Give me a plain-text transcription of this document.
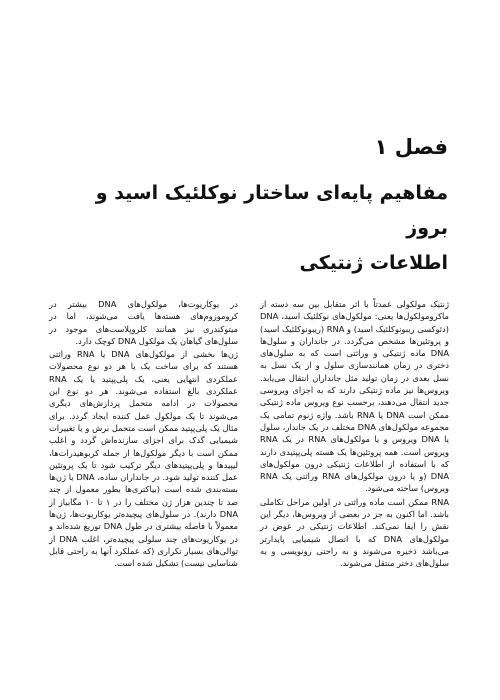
فصل ۱
مفاهیم پایه‌ای ساختار نوکلئیک اسید و بروز
اطلاعات ژنتیکی

ژنتیک مولکولی عمدتاً با اثر متقابل بین سه دسته از ماکرومولکول‌ها یعنی: مولکول‌های نوکلئیک اسید، DNA (دئوکسی ریبونوکلئیک اسید) و RNA (ریبونوکلئیک اسید) و پروتئین‌ها مشخص می‌گردد. در جانداران و سلول‌ها DNA ماده ژنتیکی و وراثتی است که به سلول‌های دختری در زمان همانندسازی سلول و از یک نسل به نسل بعدی در زمان تولید مثل جانداران انتقال می‌یابد. ویروس‌ها نیز ماده ژنتیکی دارند که به اجزای ویروسی جدید انتقال می‌دهند، برحسب نوع ویروس ماده ژنتیکی ممکن است DNA یا RNA باشد. واژه ژنوم تمامی یک مجموعه مولکول‌های DNA مختلف در یک جاندار، سلول یا DNA ویروس و یا مولکول‌های RNA در یک RNA ویروس است. همه پروتئین‌ها یک هسته پلی‌پپتیدی دارند که با استفاده از اطلاعات ژنتیکی درون مولکول‌های DNA (و یا درون مولکول‌های RNA وراثتی یک RNA ویروس) ساخته می‌شود.

RNA ممکن است ماده وراثتی در اولین مراحل تکاملی باشد. اما اکنون به جز در بعضی از ویروس‌ها، دیگر این نقش را ایفا نمی‌کند. اطلاعات ژنتیکی در عوض در مولکول‌های DNA که با اتصال شیمیایی پایدارتر می‌باشد ذخیره می‌شوند و به راحتی رونویسی و به سلول‌های دختر منتقل می‌شوند.

در یوکاریوت‌ها، مولکول‌های DNA بیشتر در کروموزوم‌های هسته‌ها یافت می‌شوند، اما در میتوکندری نیز همانند کلروپلاست‌های موجود در سلول‌های گیاهان یک مولکول DNA کوچک دارد.

ژن‌ها بخشی از مولکول‌های DNA یا RNA وراثتی هستند که برای ساخت یک یا هر دو نوع محصولات عملکردی انتهایی یعنی، یک پلی‌پپتید یا یک RNA عملکردی بالغ استفاده می‌شوند. هر دو نوع این محصولات در ادامه متحمل پردازش‌های دیگری می‌شوند تا یک مولکول عمل کننده ایجاد گردد. برای مثال یک پلی‌پپتید ممکن است متحمل برش و یا تغییرات شیمیایی گدک برای اجزای سازنده‌اش گردد و اغلب ممکن است با دیگر مولکول‌ها از جمله کربوهیدرات‌ها، لیپیدها و پلی‌پپتیدهای دیگر ترکیب شود تا یک پروتئین عمل کننده تولید شود. در جانداران ساده، DNA با ژن‌ها بسته‌بندی شده است (بیاکتری‌ها بطور معمول از چند صد تا چندین هزار ژن مختلف را در ۱ تا ۱۰ مگابیاز از DNA دارند). در سلول‌های پیچیده‌تر یوکاریوت‌ها، ژن‌ها معمولاً با فاصله بیشتری در طول DNA توزیع شده‌اند و در یوکاریوت‌های چند سلولی پیچیده‌تر، اغلب DNA از توالی‌های بسیار تکراری (که عملکرد آنها به راحتی قابل شناسایی نیست) تشکیل شده است.
